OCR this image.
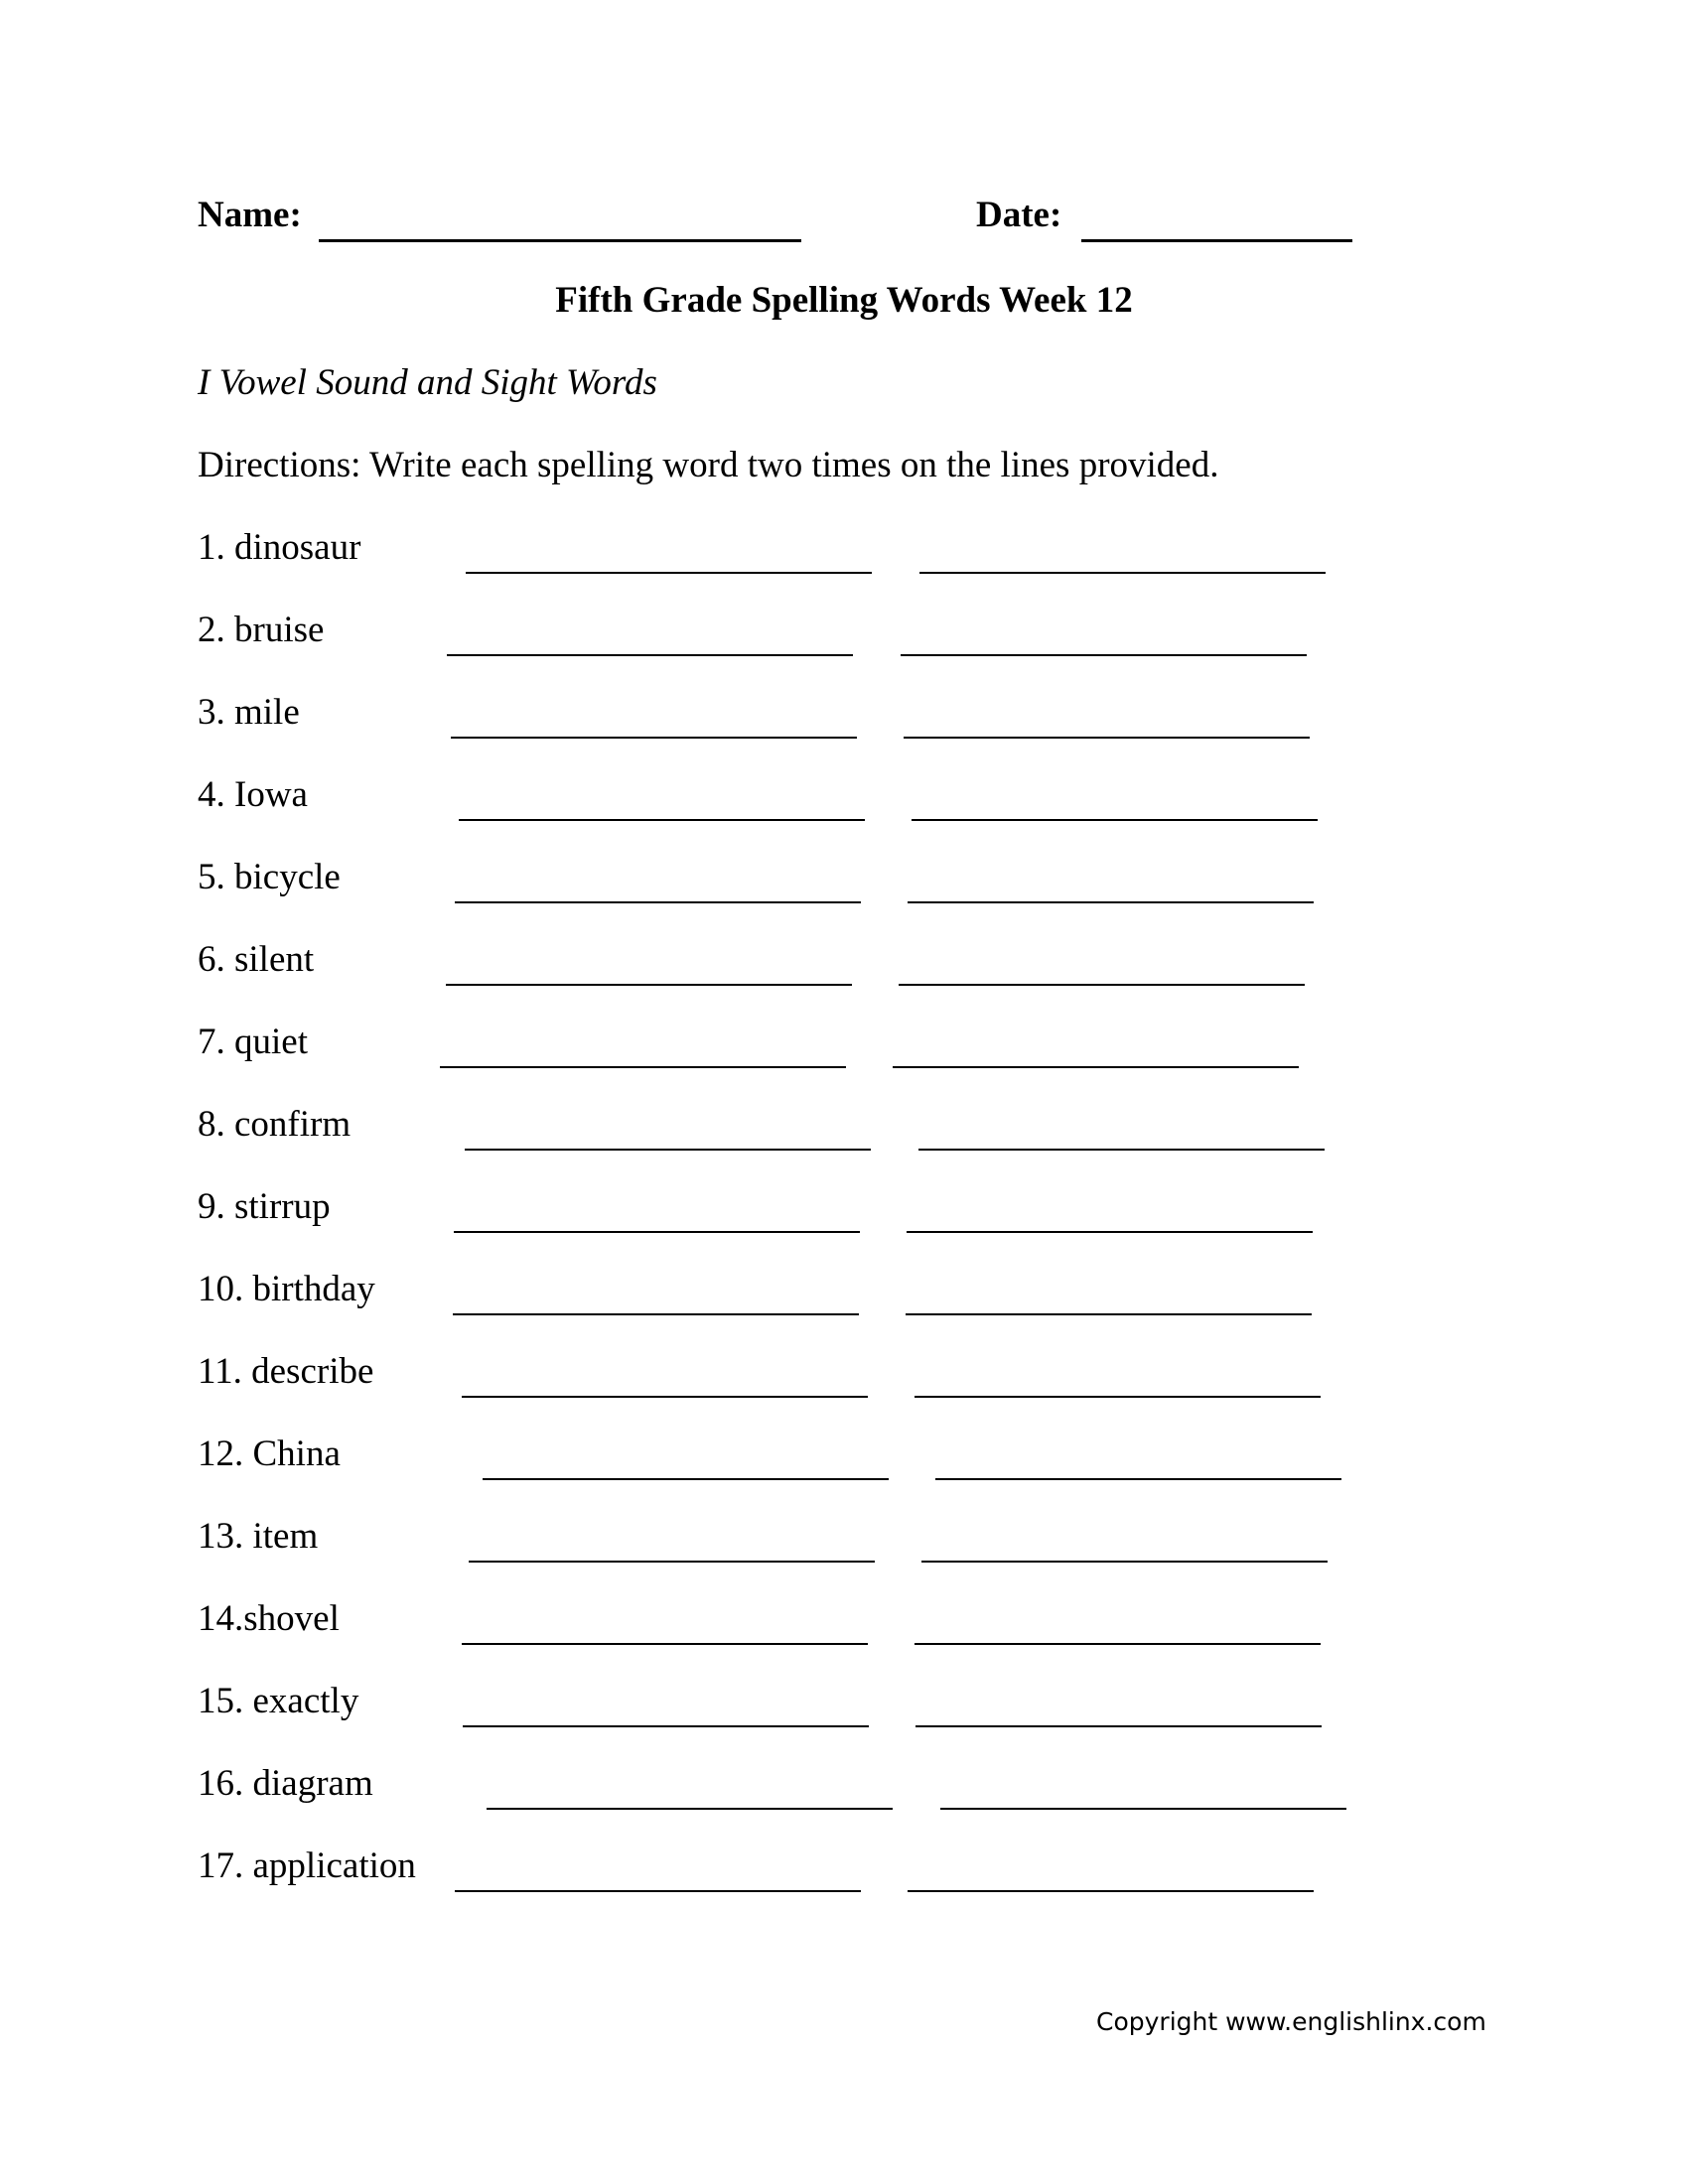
Name:	Date:
Fifth Grade Spelling Words Week 12
I Vowel Sound and Sight Words
Directions: Write each spelling word two times on the lines provided.
1. dinosaur
2. bruise
3. mile
4. Iowa
5. bicycle
6. silent
7. quiet
8. confirm
9. stirrup
10. birthday
11. describe
12. China
13. item
14.shovel
15. exactly
16. diagram
17. application
Copyright www.englishlinx.com
